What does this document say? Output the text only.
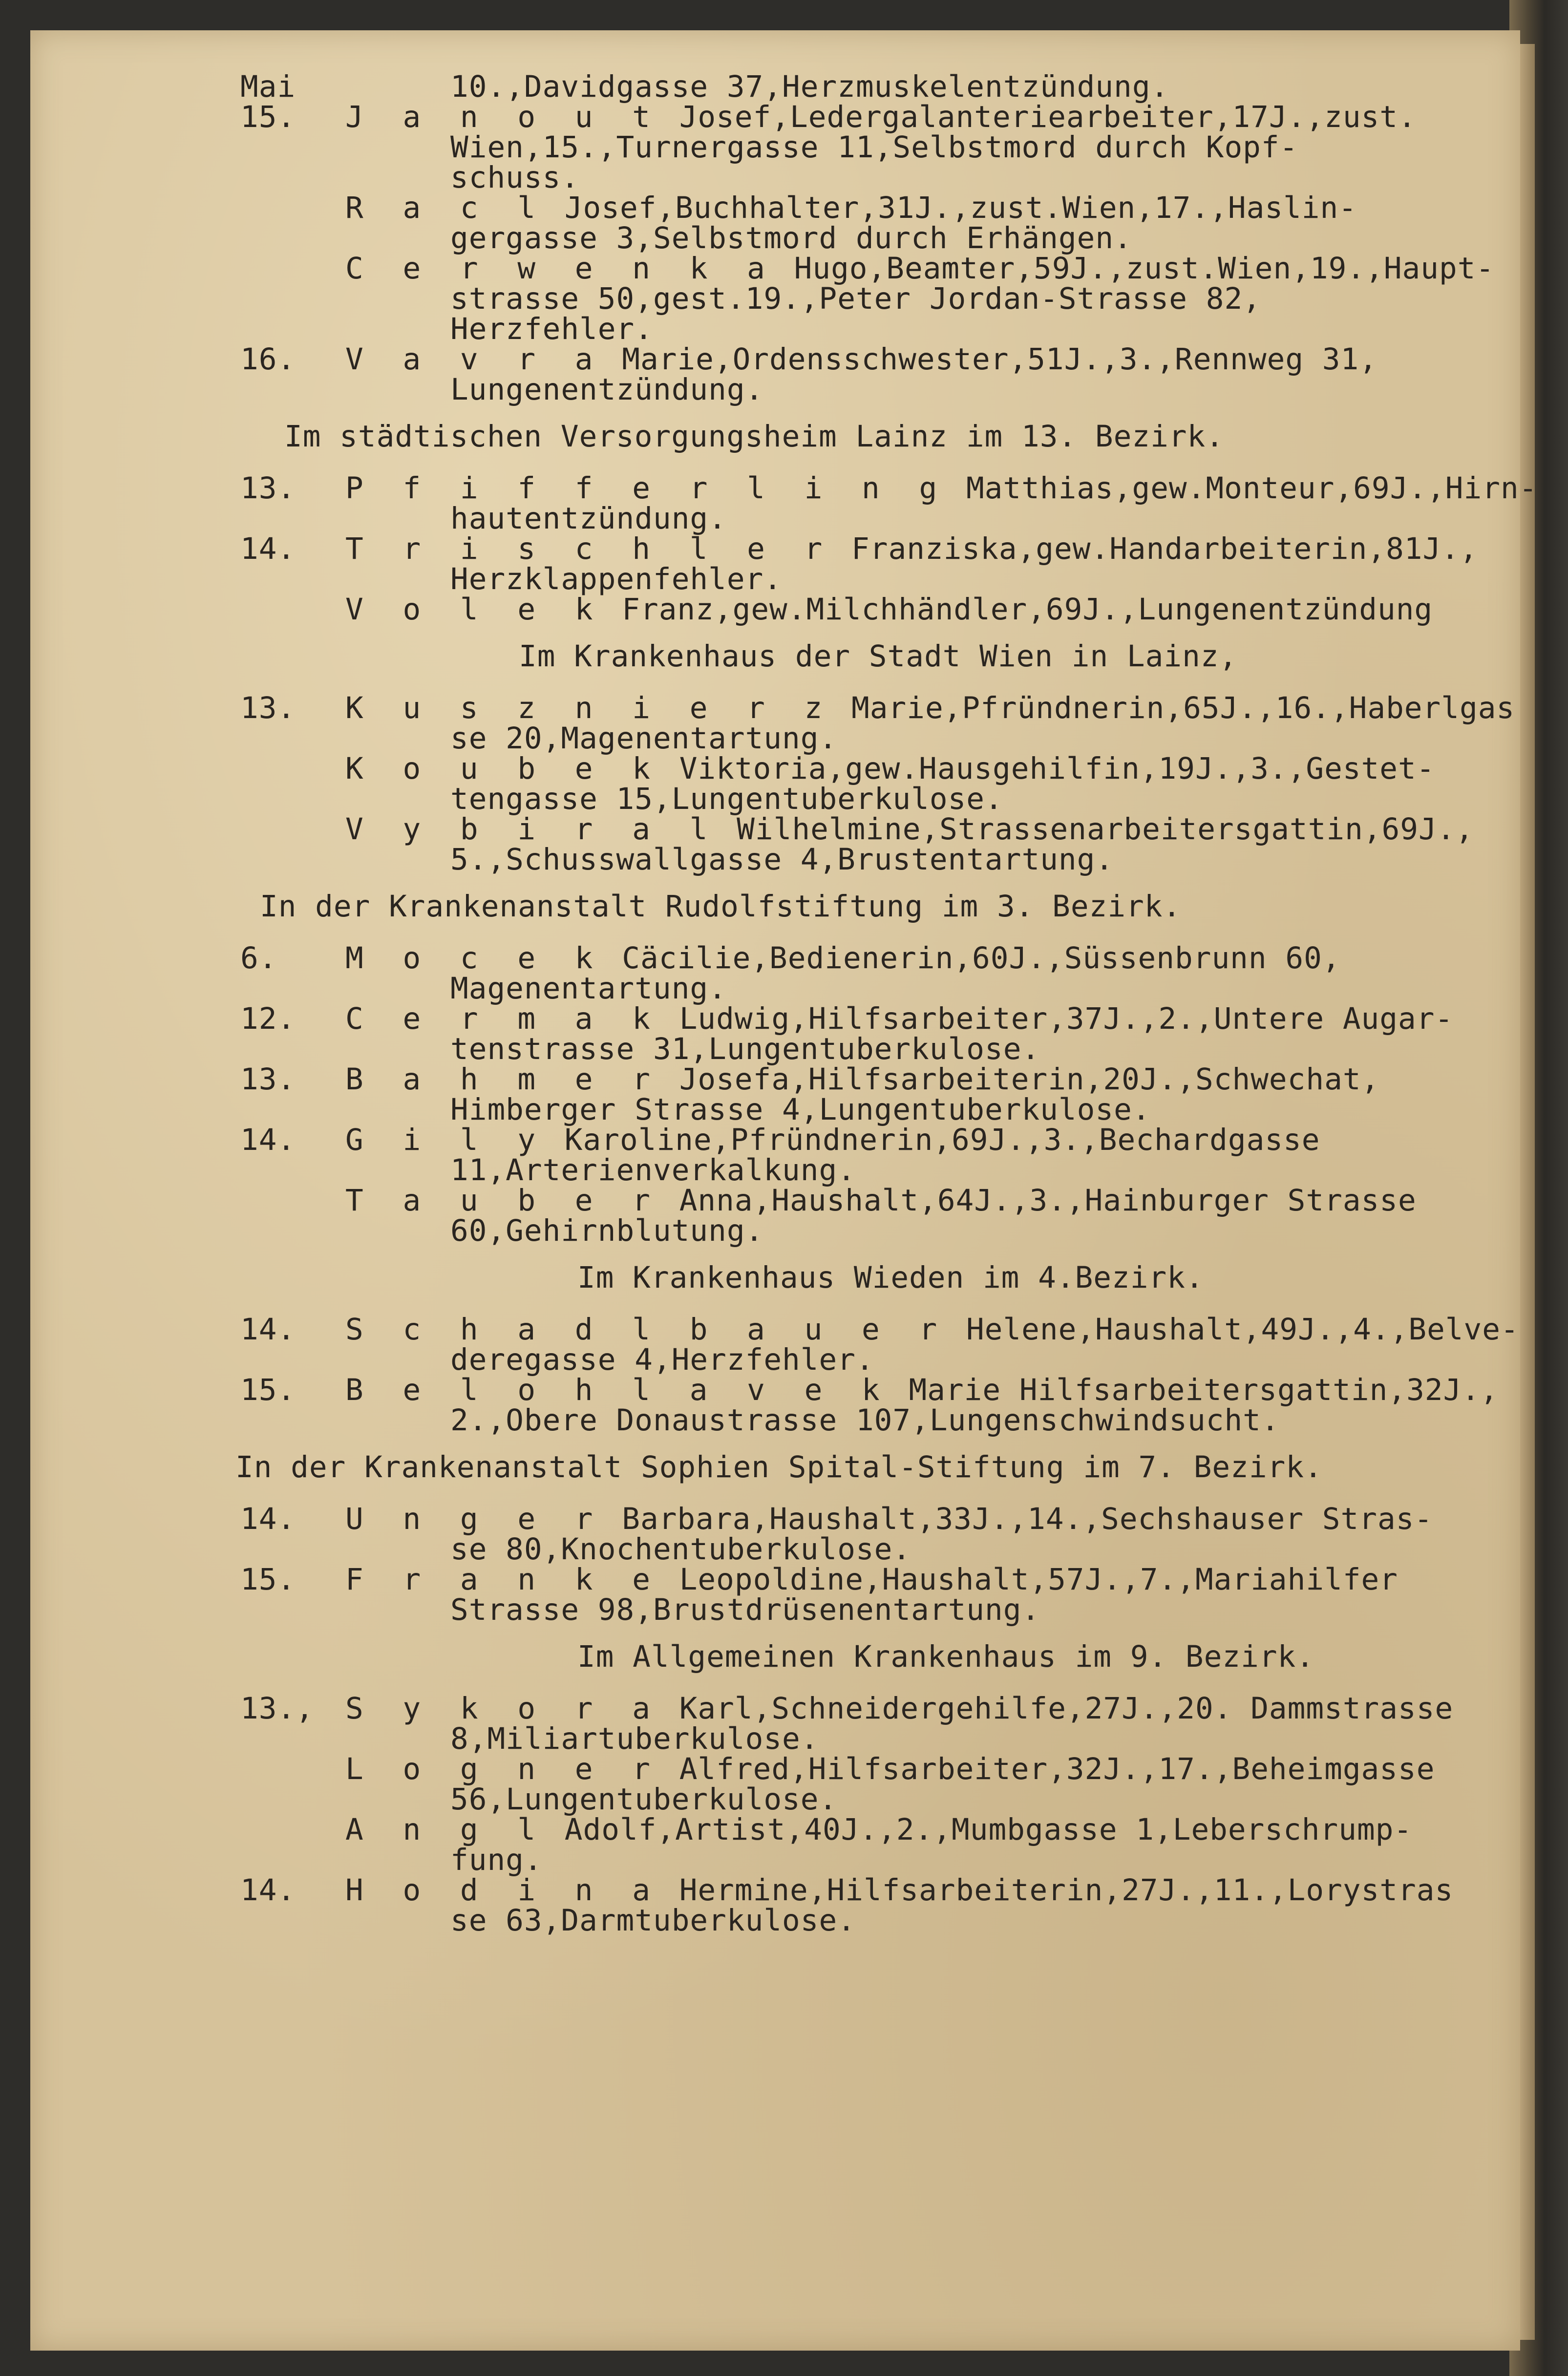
Mai	10.,Davidgasse 37,Herzmuskelentzündung.
15. J a n o u t Josef,Ledergalanteriearbeiter,17J.,zust.
Wien,15.,Turnergasse 11,Selbstmord durch Kopf-
schuss.
R a c l Josef,Buchhalter,31J.,zust.Wien,17.,Haslin-
gergasse 3,Selbstmord durch Erhängen.
C e r w e n k a Hugo,Beamter,59J.,zust.Wien,19.,Haupt-
strasse 50,gest.19.,Peter Jordan-Strasse 82,
Herzfehler.
16. V a v r a Marie,Ordensschwester,51J.,3.,Rennweg 31,
Lungenentzündung.
Im städtischen Versorgungsheim Lainz im 13. Bezirk.
13. P f i f f e r l i n g Matthias,gew.Monteur,69J.,Hirn-
hautentzündung.
14. T r i s c h l e r Franziska,gew.Handarbeiterin,81J.,
Herzklappenfehler.
V o l e k Franz,gew.Milchhändler,69J.,Lungenentzündung
Im Krankenhaus der Stadt Wien in Lainz,
13. K u s z n i e r z Marie,Pfründnerin,65J.,16.,Haberlgas
se 20,Magenentartung.
K o u b e k Viktoria,gew.Hausgehilfin,19J.,3.,Gestet-
tengasse 15,Lungentuberkulose.
V y b i r a l Wilhelmine,Strassenarbeitersgattin,69J.,
5.,Schusswallgasse 4,Brustentartung.
In der Krankenanstalt Rudolfstiftung im 3. Bezirk.
6. M o c e k Cäcilie,Bedienerin,60J.,Süssenbrunn 60,
Magenentartung.
12. C e r m a k Ludwig,Hilfsarbeiter,37J.,2.,Untere Augar-
tenstrasse 31,Lungentuberkulose.
13. B a h m e r Josefa,Hilfsarbeiterin,20J.,Schwechat,
Himberger Strasse 4,Lungentuberkulose.
14. G i l y Karoline,Pfründnerin,69J.,3.,Bechardgasse
11,Arterienverkalkung.
T a u b e r Anna,Haushalt,64J.,3.,Hainburger Strasse
60,Gehirnblutung.
Im Krankenhaus Wieden im 4.Bezirk.
14. S c h a d l b a u e r Helene,Haushalt,49J.,4.,Belve-
deregasse 4,Herzfehler.
15. B e l o h l a v e k Marie Hilfsarbeitersgattin,32J.,
2.,Obere Donaustrasse 107,Lungenschwindsucht.
In der Krankenanstalt Sophien Spital-Stiftung im 7. Bezirk.
14. U n g e r Barbara,Haushalt,33J.,14.,Sechshauser Stras-
se 80,Knochentuberkulose.
15. F r a n k e Leopoldine,Haushalt,57J.,7.,Mariahilfer
Strasse 98,Brustdrüsenentartung.
Im Allgemeinen Krankenhaus im 9. Bezirk.
13., S y k o r a Karl,Schneidergehilfe,27J.,20. Dammstrasse
8,Miliartuberkulose.
L o g n e r Alfred,Hilfsarbeiter,32J.,17.,Beheimgasse
56,Lungentuberkulose.
A n g l Adolf,Artist,40J.,2.,Mumbgasse 1,Leberschrump-
fung.
14. H o d i n a Hermine,Hilfsarbeiterin,27J.,11.,Lorystras
se 63,Darmtuberkulose.
